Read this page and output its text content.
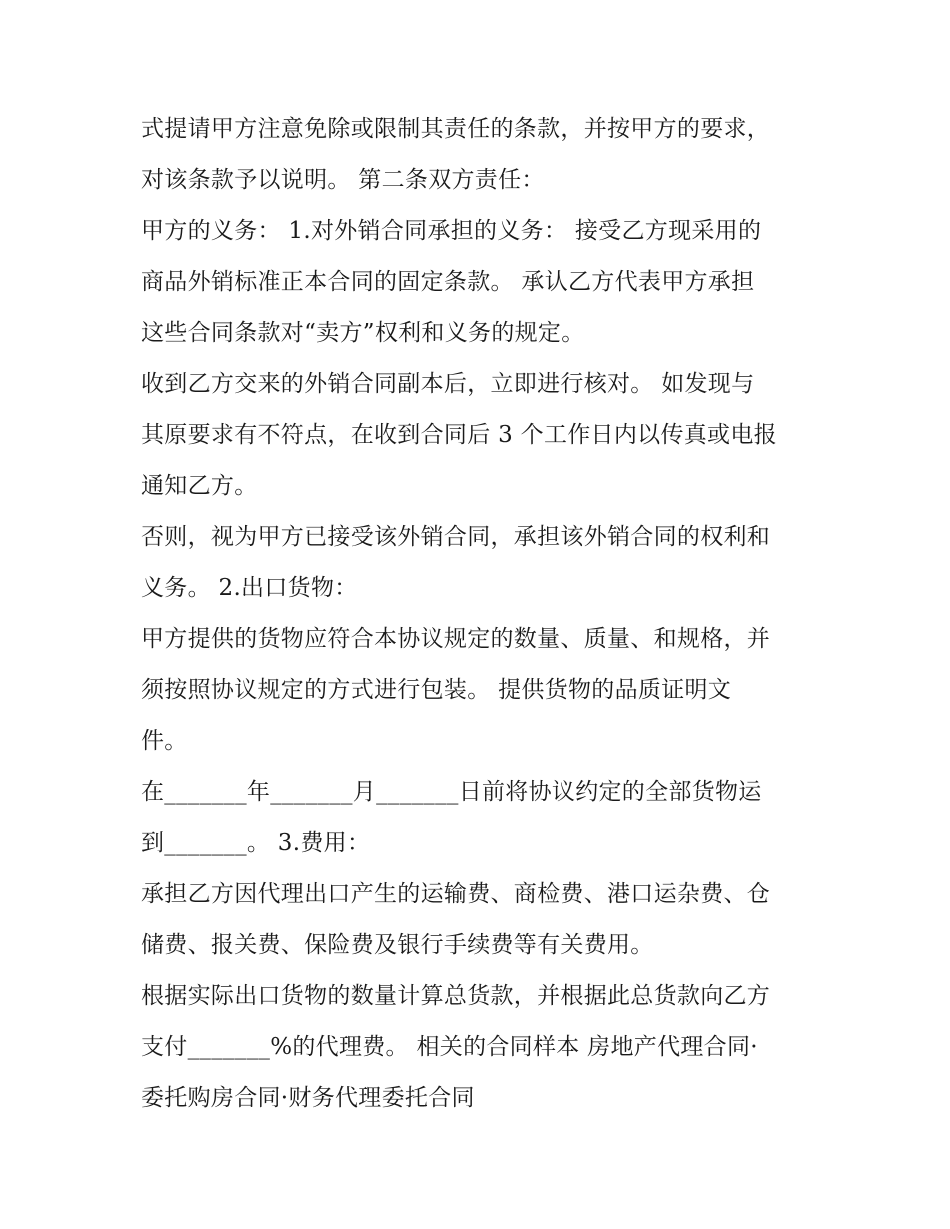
式提请甲方注意免除或限制其责任的条款，并按甲方的要求，
对该条款予以说明。 第二条双方责任：
甲方的义务： 1.对外销合同承担的义务： 接受乙方现采用的
商品外销标准正本合同的固定条款。 承认乙方代表甲方承担
这些合同条款对“卖方”权利和义务的规定。
收到乙方交来的外销合同副本后，立即进行核对。 如发现与
其原要求有不符点，在收到合同后 3 个工作日内以传真或电报
通知乙方。
否则，视为甲方已接受该外销合同，承担该外销合同的权利和
义务。 2.出口货物：
甲方提供的货物应符合本协议规定的数量、质量、和规格，并
须按照协议规定的方式进行包装。 提供货物的品质证明文
件。
在_______年_______月_______日前将协议约定的全部货物运
到_______。 3.费用：
承担乙方因代理出口产生的运输费、商检费、港口运杂费、仓
储费、报关费、保险费及银行手续费等有关费用。
根据实际出口货物的数量计算总货款，并根据此总货款向乙方
支付_______%的代理费。 相关的合同样本 房地产代理合同·
委托购房合同·财务代理委托合同
